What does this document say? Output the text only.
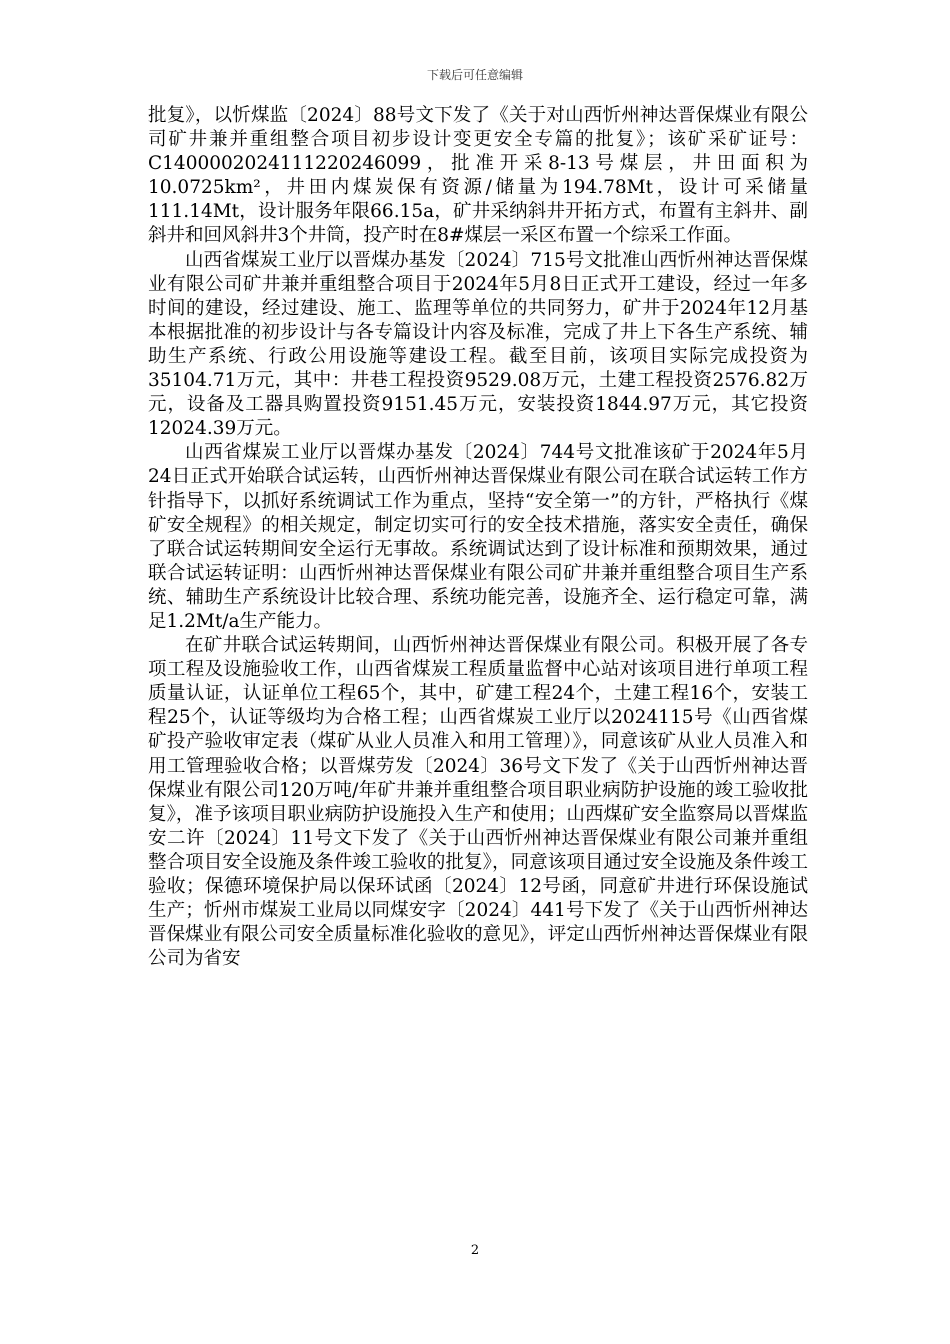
下载后可任意编辑

批复》，以忻煤监〔2024〕88号文下发了《关于对山西忻州神达晋保煤业有限公司矿井兼并重组整合项目初步设计变更安全专篇的批复》；该矿采矿证号：C1400002024111220246099，批准开采8-13号煤层，井田面积为10.0725km²，井田内煤炭保有资源/储量为194.78Mt，设计可采储量111.14Mt，设计服务年限66.15a，矿井采纳斜井开拓方式，布置有主斜井、副斜井和回风斜井3个井筒，投产时在8#煤层一采区布置一个综采工作面。

山西省煤炭工业厅以晋煤办基发〔2024〕715号文批准山西忻州神达晋保煤业有限公司矿井兼并重组整合项目于2024年5月8日正式开工建设，经过一年多时间的建设，经过建设、施工、监理等单位的共同努力，矿井于2024年12月基本根据批准的初步设计与各专篇设计内容及标准，完成了井上下各生产系统、辅助生产系统、行政公用设施等建设工程。截至目前，该项目实际完成投资为35104.71万元，其中：井巷工程投资9529.08万元，土建工程投资2576.82万元，设备及工器具购置投资9151.45万元，安装投资1844.97万元，其它投资12024.39万元。

山西省煤炭工业厅以晋煤办基发〔2024〕744号文批准该矿于2024年5月24日正式开始联合试运转，山西忻州神达晋保煤业有限公司在联合试运转工作方针指导下，以抓好系统调试工作为重点，坚持“安全第一”的方针，严格执行《煤矿安全规程》的相关规定，制定切实可行的安全技术措施，落实安全责任，确保了联合试运转期间安全运行无事故。系统调试达到了设计标准和预期效果，通过联合试运转证明：山西忻州神达晋保煤业有限公司矿井兼并重组整合项目生产系统、辅助生产系统设计比较合理、系统功能完善，设施齐全、运行稳定可靠，满足1.2Mt/a生产能力。

在矿井联合试运转期间，山西忻州神达晋保煤业有限公司。积极开展了各专项工程及设施验收工作，山西省煤炭工程质量监督中心站对该项目进行单项工程质量认证，认证单位工程65个，其中，矿建工程24个，土建工程16个，安装工程25个，认证等级均为合格工程；山西省煤炭工业厅以2024115号《山西省煤矿投产验收审定表（煤矿从业人员准入和用工管理）》，同意该矿从业人员准入和用工管理验收合格；以晋煤劳发〔2024〕36号文下发了《关于山西忻州神达晋保煤业有限公司120万吨/年矿井兼并重组整合项目职业病防护设施的竣工验收批复》，准予该项目职业病防护设施投入生产和使用；山西煤矿安全监察局以晋煤监安二许〔2024〕11号文下发了《关于山西忻州神达晋保煤业有限公司兼并重组整合项目安全设施及条件竣工验收的批复》，同意该项目通过安全设施及条件竣工验收；保德环境保护局以保环试函〔2024〕12号函，同意矿井进行环保设施试生产；忻州市煤炭工业局以同煤安字〔2024〕441号下发了《关于山西忻州神达晋保煤业有限公司安全质量标准化验收的意见》，评定山西忻州神达晋保煤业有限公司为省安

2
